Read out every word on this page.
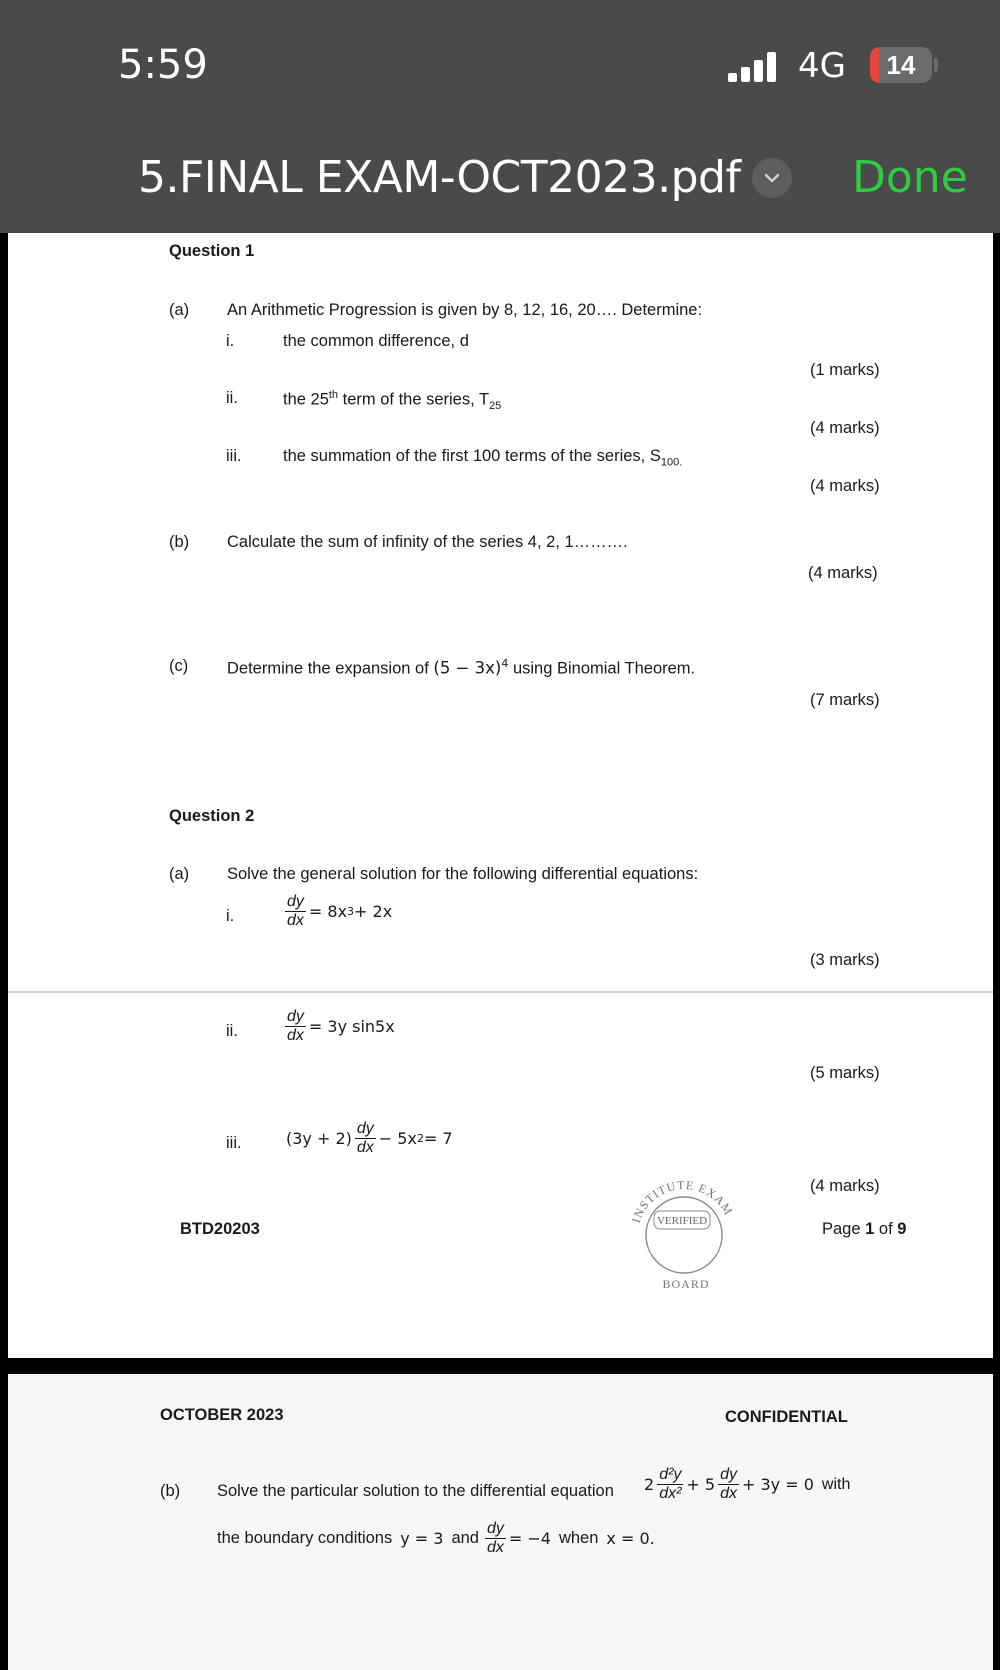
5:59	4G	14
5.FINAL EXAM-OCT2023.pdf	Done
Question 1
(a) An Arithmetic Progression is given by 8, 12, 16, 20…. Determine:
i.	the common difference, d
(1 marks)
ii.	the 25th term of the series, $T_{25}$
(4 marks)
iii.	the summation of the first 100 terms of the series, $S_{100.}$
(4 marks)
(b) Calculate the sum of infinity of the series 4, 2, 1……….
(4 marks)
(c) Determine the expansion of $(5 - 3x)^4$ using Binomial Theorem.
(7 marks)
Question 2
(a) Solve the general solution for the following differential equations:
i.	$\frac{dy}{dx} = 8x$ 3 + 2x
(3 marks)
ii.	$\frac{dy}{dx} = 3y$ sin5x
(5 marks)
iii.	$(3y + 2) \frac{dy}{dx} - 5x$ 2 = 7
(4 marks)
BTD20203	Page 1 of 9
INSTITUTE EXAM
VERIFIED
BOARD
OCTOBER 2023	CONFIDENTIAL
(b) Solve the particular solution to the differential equation $2 \frac{\text{d²y}}{\text{dx²}} + 5 \frac{dy}{dx} + 3y = 0$ with
the boundary conditions y = 3 and $\frac{dy}{dx} = -4$ when x = 0 .
